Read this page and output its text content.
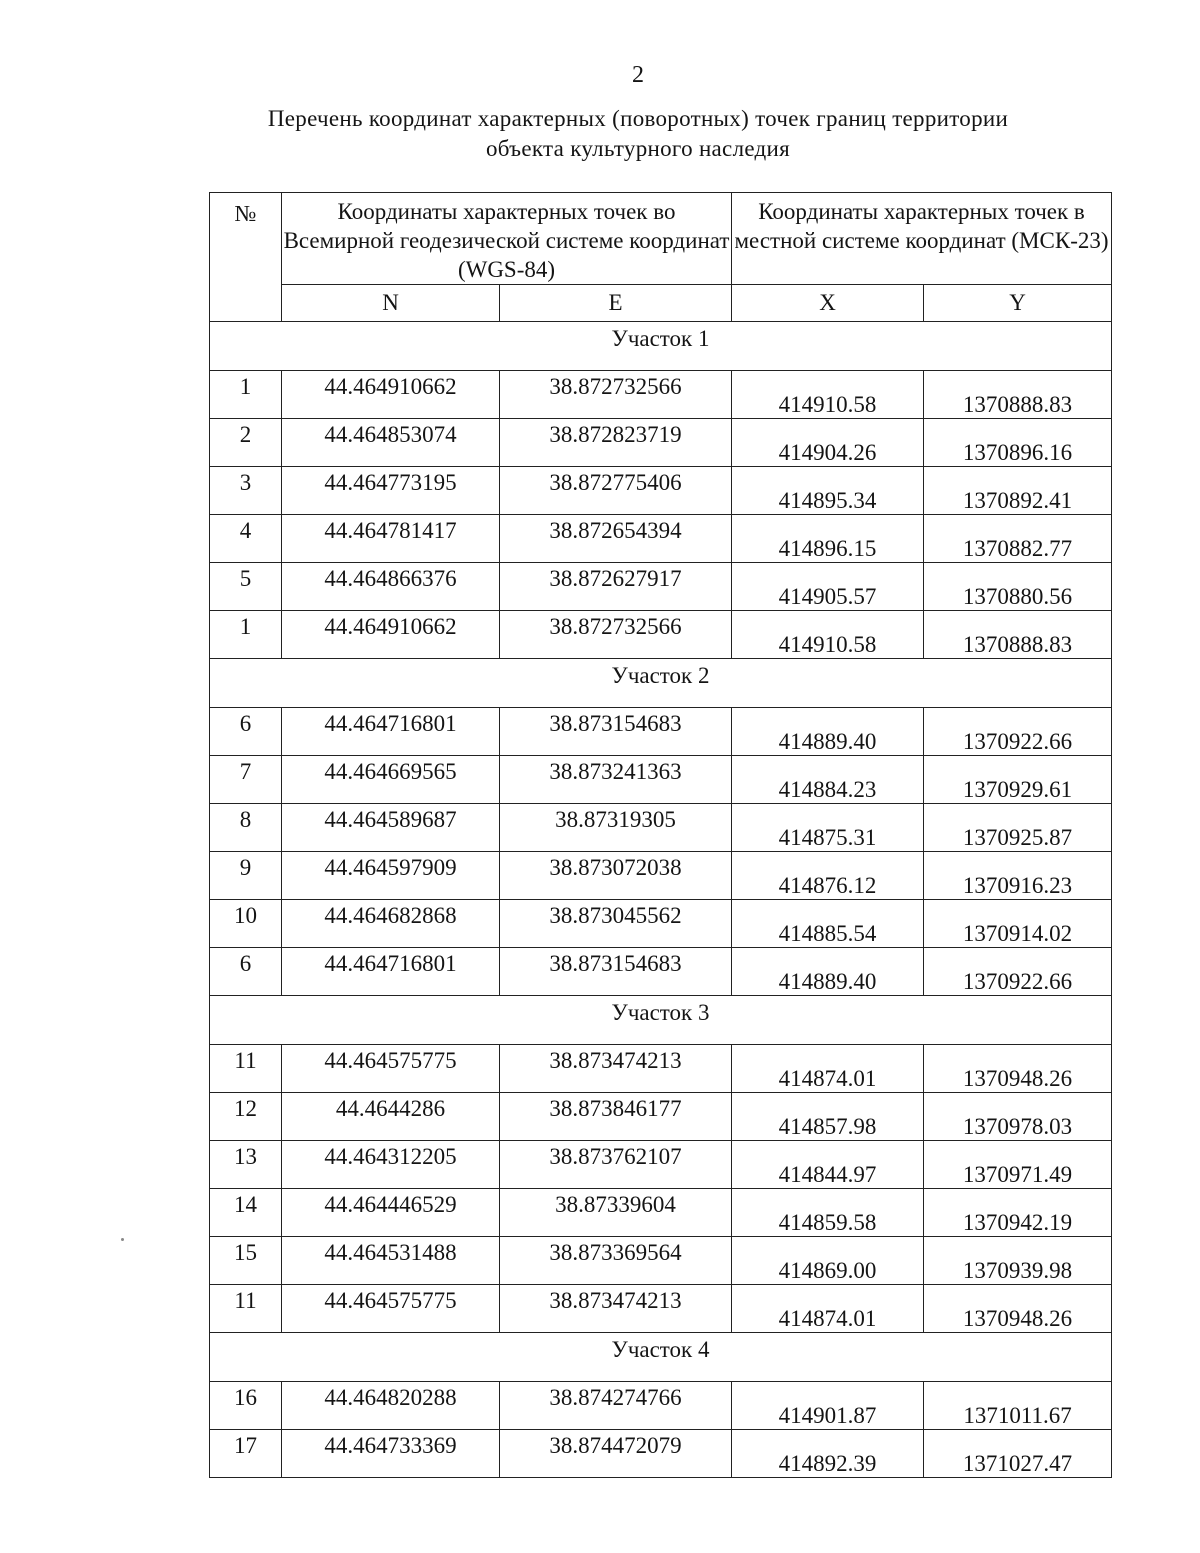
2
Перечень координат характерных (поворотных) точек границ территории
объекта культурного наследия
№	Координаты характерных точек во Всемирной геодезической системе координат (WGS-84)		Координаты характерных точек в местной системе координат (МСК-23)	
	N	E	X	Y
Участок 1				
1	44.464910662	38.872732566	414910.58	1370888.83
2	44.464853074	38.872823719	414904.26	1370896.16
3	44.464773195	38.872775406	414895.34	1370892.41
4	44.464781417	38.872654394	414896.15	1370882.77
5	44.464866376	38.872627917	414905.57	1370880.56
1	44.464910662	38.872732566	414910.58	1370888.83
Участок 2				
6	44.464716801	38.873154683	414889.40	1370922.66
7	44.464669565	38.873241363	414884.23	1370929.61
8	44.464589687	38.87319305	414875.31	1370925.87
9	44.464597909	38.873072038	414876.12	1370916.23
10	44.464682868	38.873045562	414885.54	1370914.02
6	44.464716801	38.873154683	414889.40	1370922.66
Участок 3				
11	44.464575775	38.873474213	414874.01	1370948.26
12	44.4644286	38.873846177	414857.98	1370978.03
13	44.464312205	38.873762107	414844.97	1370971.49
14	44.464446529	38.87339604	414859.58	1370942.19
15	44.464531488	38.873369564	414869.00	1370939.98
11	44.464575775	38.873474213	414874.01	1370948.26
Участок 4				
16	44.464820288	38.874274766	414901.87	1371011.67
17	44.464733369	38.874472079	414892.39	1371027.47
